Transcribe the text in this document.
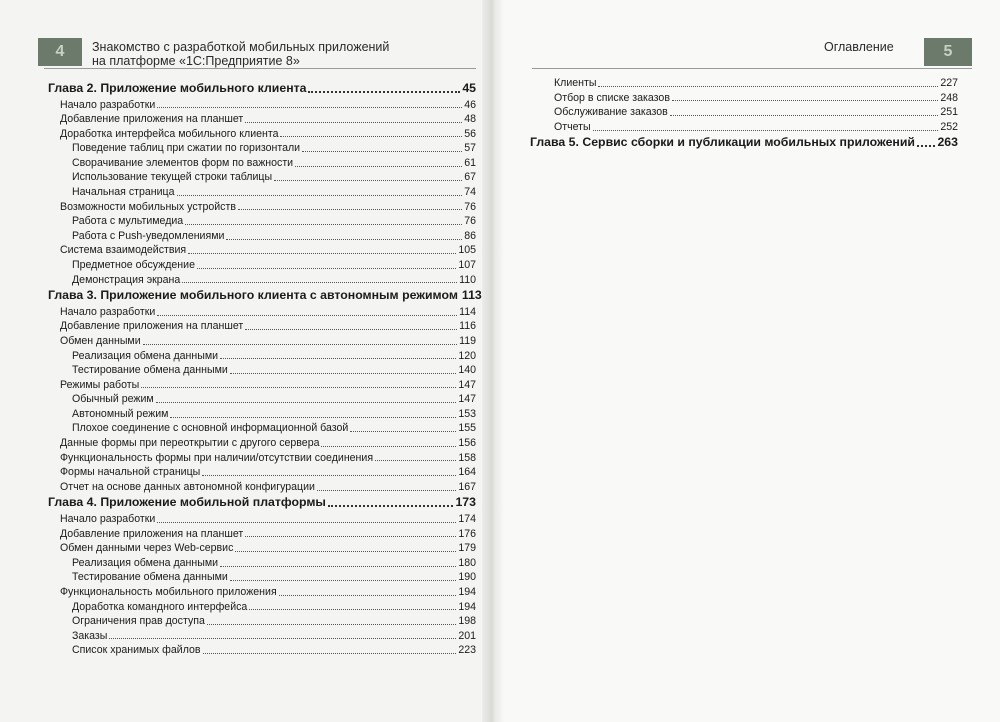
4	Знакомство с разработкой мобильных приложений
на платформе «1С:Предприятие 8»
Глава 2. Приложение мобильного клиента	45
Начало разработки	46
Добавление приложения на планшет	48
Доработка интерфейса мобильного клиента	56
Поведение таблиц при сжатии по горизонтали	57
Сворачивание элементов форм по важности	61
Использование текущей строки таблицы	67
Начальная страница	74
Возможности мобильных устройств	76
Работа с мультимедиа	76
Работа с Push-уведомлениями	86
Система взаимодействия	105
Предметное обсуждение	107
Демонстрация экрана	110
Глава 3. Приложение мобильного клиента с автономным режимом 113
Начало разработки	114
Добавление приложения на планшет	116
Обмен данными	119
Реализация обмена данными	120
Тестирование обмена данными	140
Режимы работы	147
Обычный режим	147
Автономный режим	153
Плохое соединение с основной информационной базой	155
Данные формы при переоткрытии с другого сервера	156
Функциональность формы при наличии/отсутствии соединения	158
Формы начальной страницы	164
Отчет на основе данных автономной конфигурации	167
Глава 4. Приложение мобильной платформы	173
Начало разработки	174
Добавление приложения на планшет	176
Обмен данными через Web-сервис	179
Реализация обмена данными	180
Тестирование обмена данными	190
Функциональность мобильного приложения	194
Доработка командного интерфейса	194
Ограничения прав доступа	198
Заказы	201
Список хранимых файлов	223
Оглавление	5
Клиенты	227
Отбор в списке заказов	248
Обслуживание заказов	251
Отчеты	252
Глава 5. Сервис сборки и публикации мобильных приложений 263
